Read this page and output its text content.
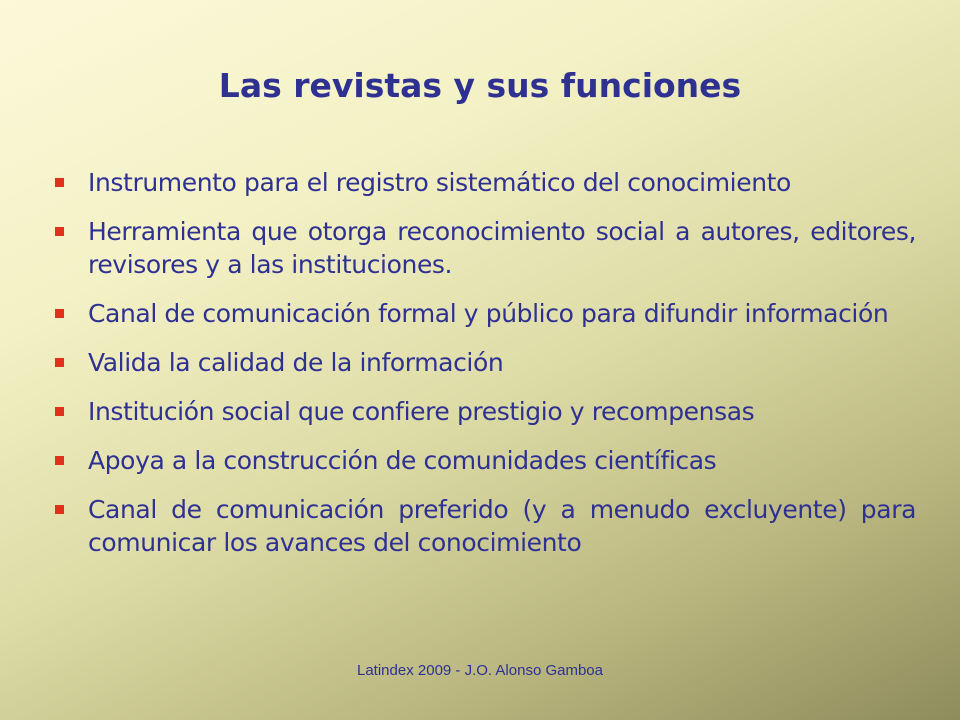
Las revistas y sus funciones
Instrumento para el registro sistemático del conocimiento
Herramienta que otorga reconocimiento social a autores, editores, revisores y a las instituciones.
Canal de comunicación formal y público para difundir información
Valida la calidad de la información
Institución social que confiere prestigio y recompensas
Apoya a la construcción de comunidades científicas
Canal de comunicación preferido (y a menudo excluyente) para comunicar los avances del conocimiento
Latindex 2009 - J.O. Alonso Gamboa
